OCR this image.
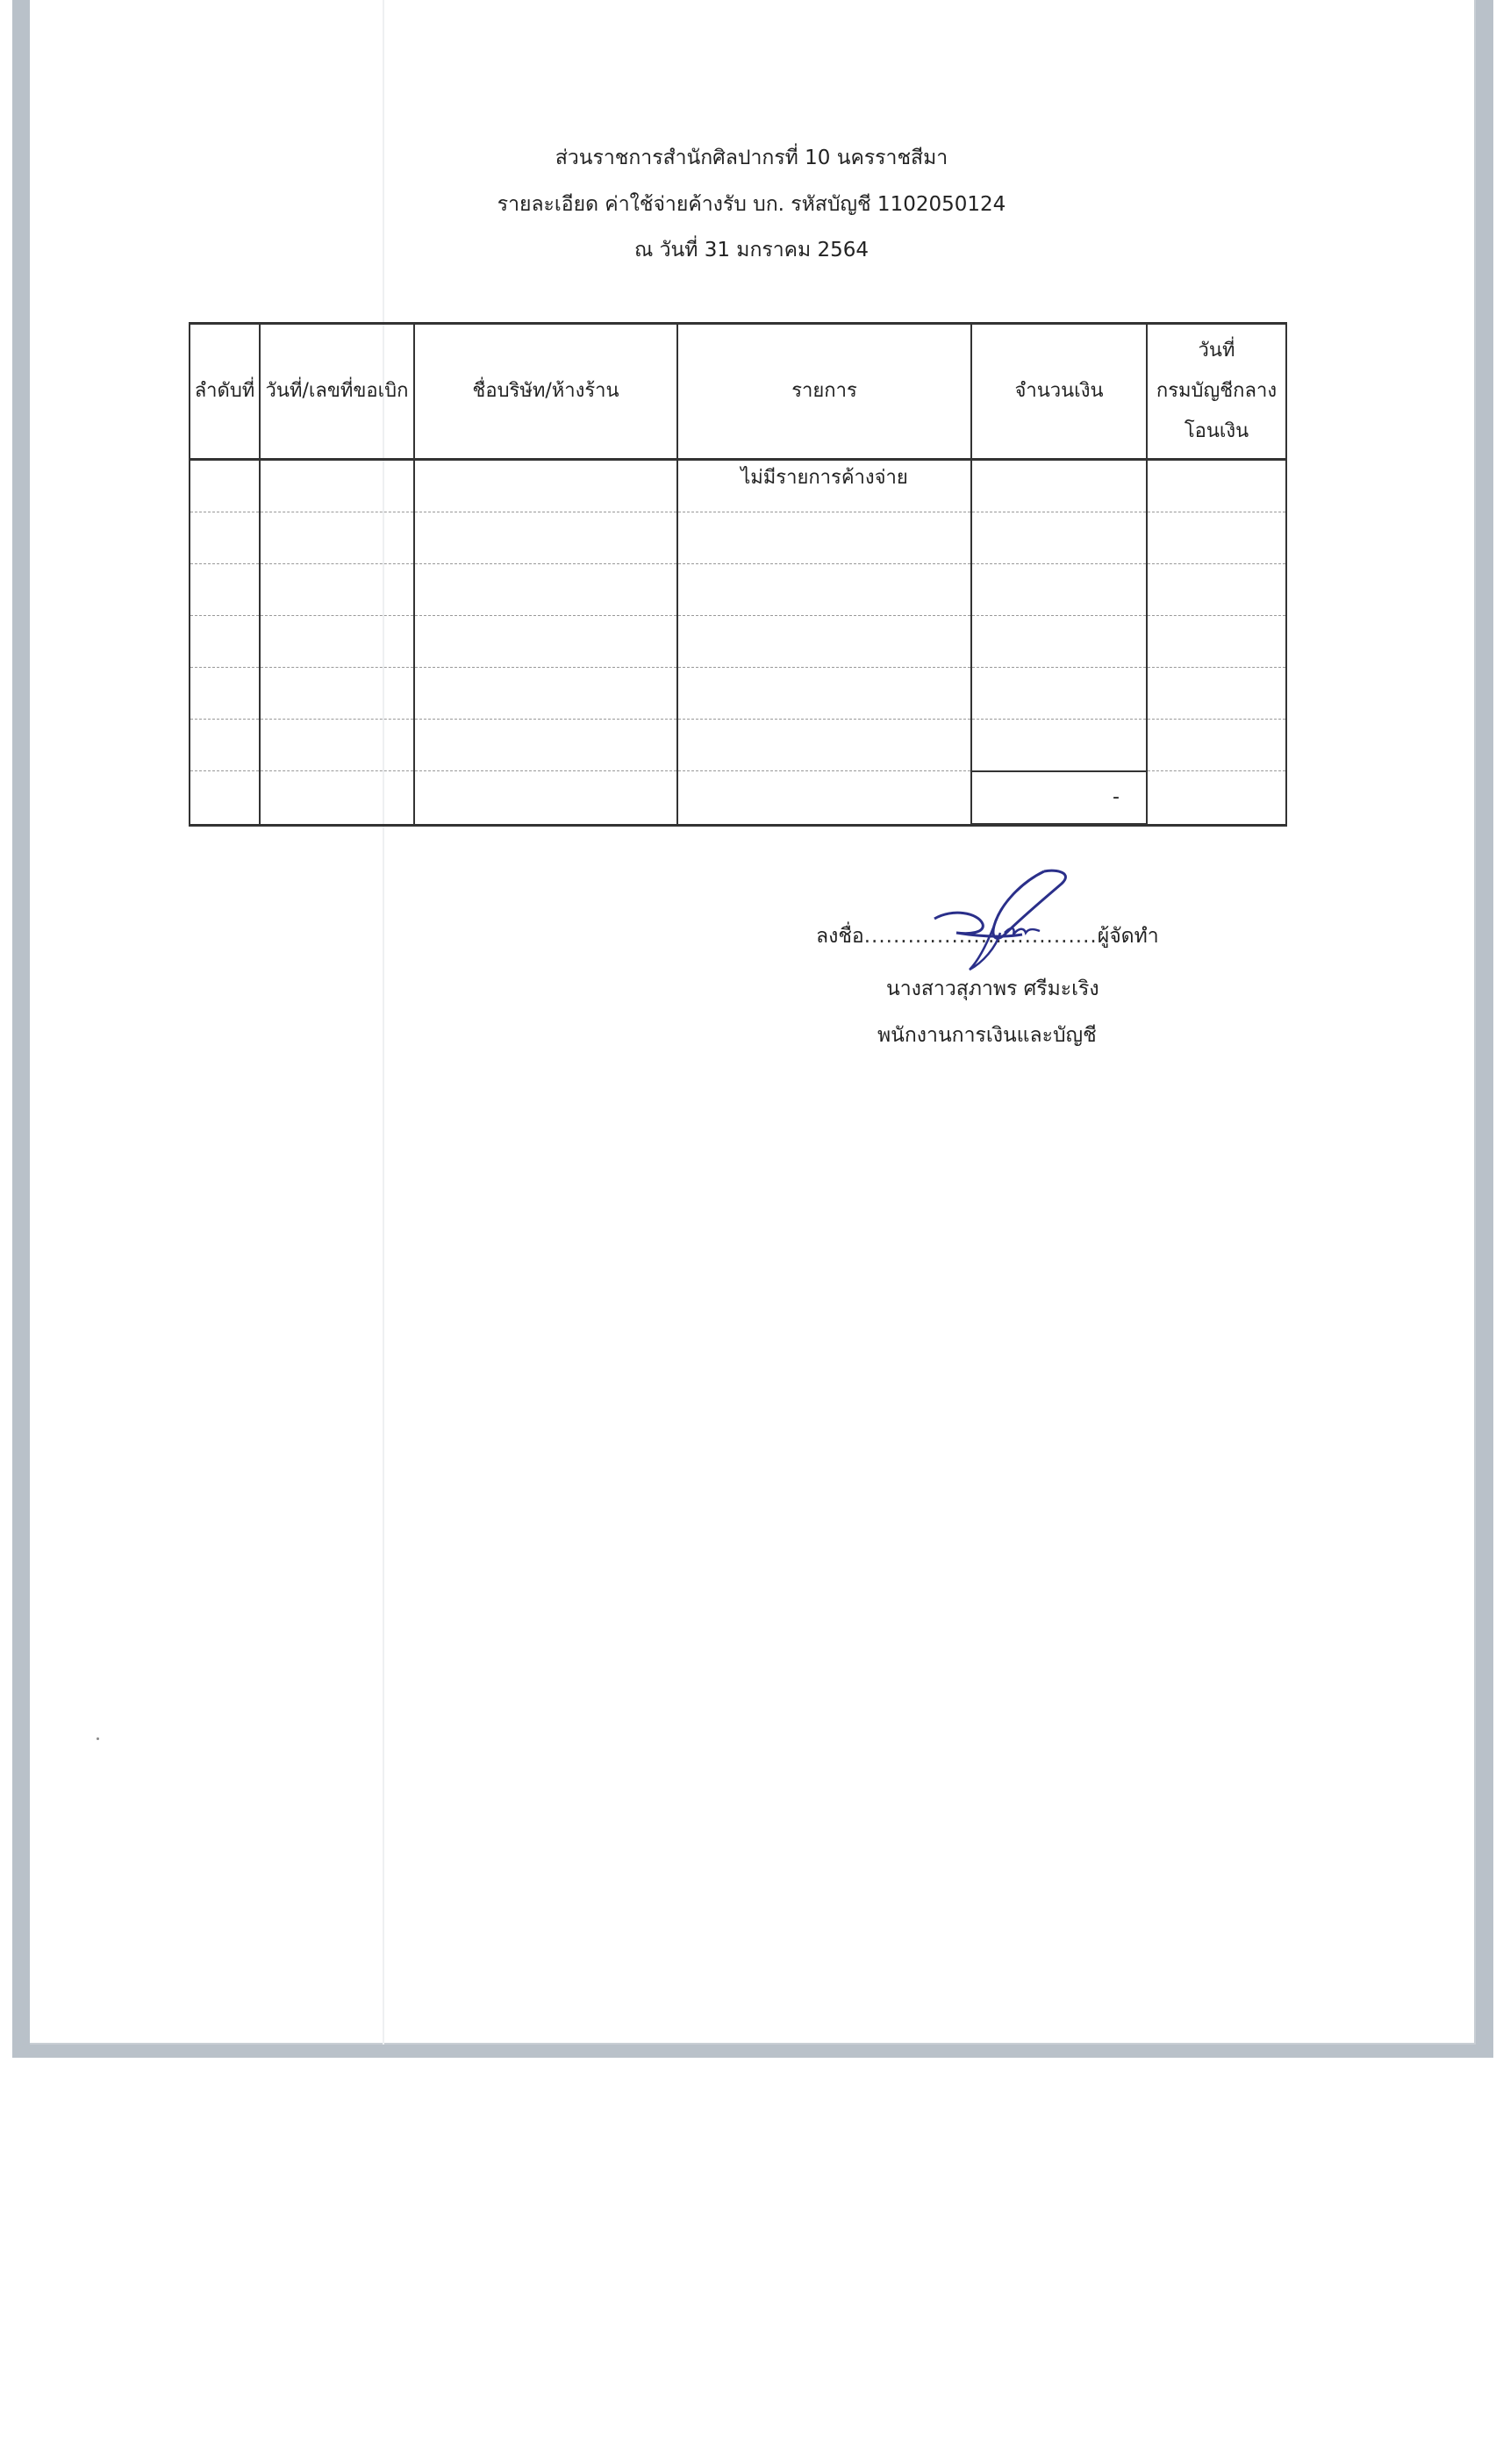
ส่วนราชการสำนักศิลปากรที่ 10 นครราชสีมา
รายละเอียด ค่าใช้จ่ายค้างรับ บก. รหัสบัญชี 1102050124
ณ วันที่ 31 มกราคม 2564
ลำดับที่	วันที่/เลขที่ขอเบิก	ชื่อบริษัท/ห้างร้าน	รายการ	จำนวนเงิน	วันที่
กรมบัญชีกลาง
โอนเงิน

			ไม่มีรายการค้างจ่าย		

				-	
ลงชื่อ................................ผู้จัดทำ
นางสาวสุภาพร ศรีมะเริง
พนักงานการเงินและบัญชี
